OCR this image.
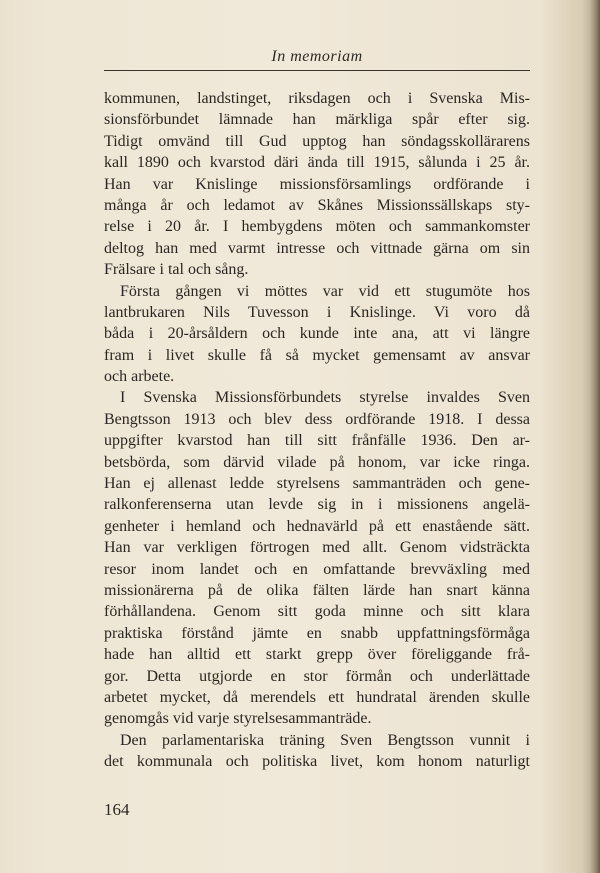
In memoriam
kommunen, landstinget, riksdagen och i Svenska Mis-
sionsförbundet lämnade han märkliga spår efter sig.
Tidigt omvänd till Gud upptog han söndagsskollärarens
kall 1890 och kvarstod däri ända till 1915, sålunda i 25 år.
Han var Knislinge missionsförsamlings ordförande i
många år och ledamot av Skånes Missionssällskaps sty-
relse i 20 år. I hembygdens möten och sammankomster
deltog han med varmt intresse och vittnade gärna om sin
Frälsare i tal och sång.
Första gången vi möttes var vid ett stugumöte hos
lantbrukaren Nils Tuvesson i Knislinge. Vi voro då
båda i 20-årsåldern och kunde inte ana, att vi längre
fram i livet skulle få så mycket gemensamt av ansvar
och arbete.
I Svenska Missionsförbundets styrelse invaldes Sven
Bengtsson 1913 och blev dess ordförande 1918. I dessa
uppgifter kvarstod han till sitt frånfälle 1936. Den ar-
betsbörda, som därvid vilade på honom, var icke ringa.
Han ej allenast ledde styrelsens sammanträden och gene-
ralkonferenserna utan levde sig in i missionens angelä-
genheter i hemland och hednavärld på ett enastående sätt.
Han var verkligen förtrogen med allt. Genom vidsträckta
resor inom landet och en omfattande brevväxling med
missionärerna på de olika fälten lärde han snart känna
förhållandena. Genom sitt goda minne och sitt klara
praktiska förstånd jämte en snabb uppfattningsförmåga
hade han alltid ett starkt grepp över föreliggande frå-
gor. Detta utgjorde en stor förmån och underlättade
arbetet mycket, då merendels ett hundratal ärenden skulle
genomgås vid varje styrelsesammanträde.
Den parlamentariska träning Sven Bengtsson vunnit i
det kommunala och politiska livet, kom honom naturligt
164
